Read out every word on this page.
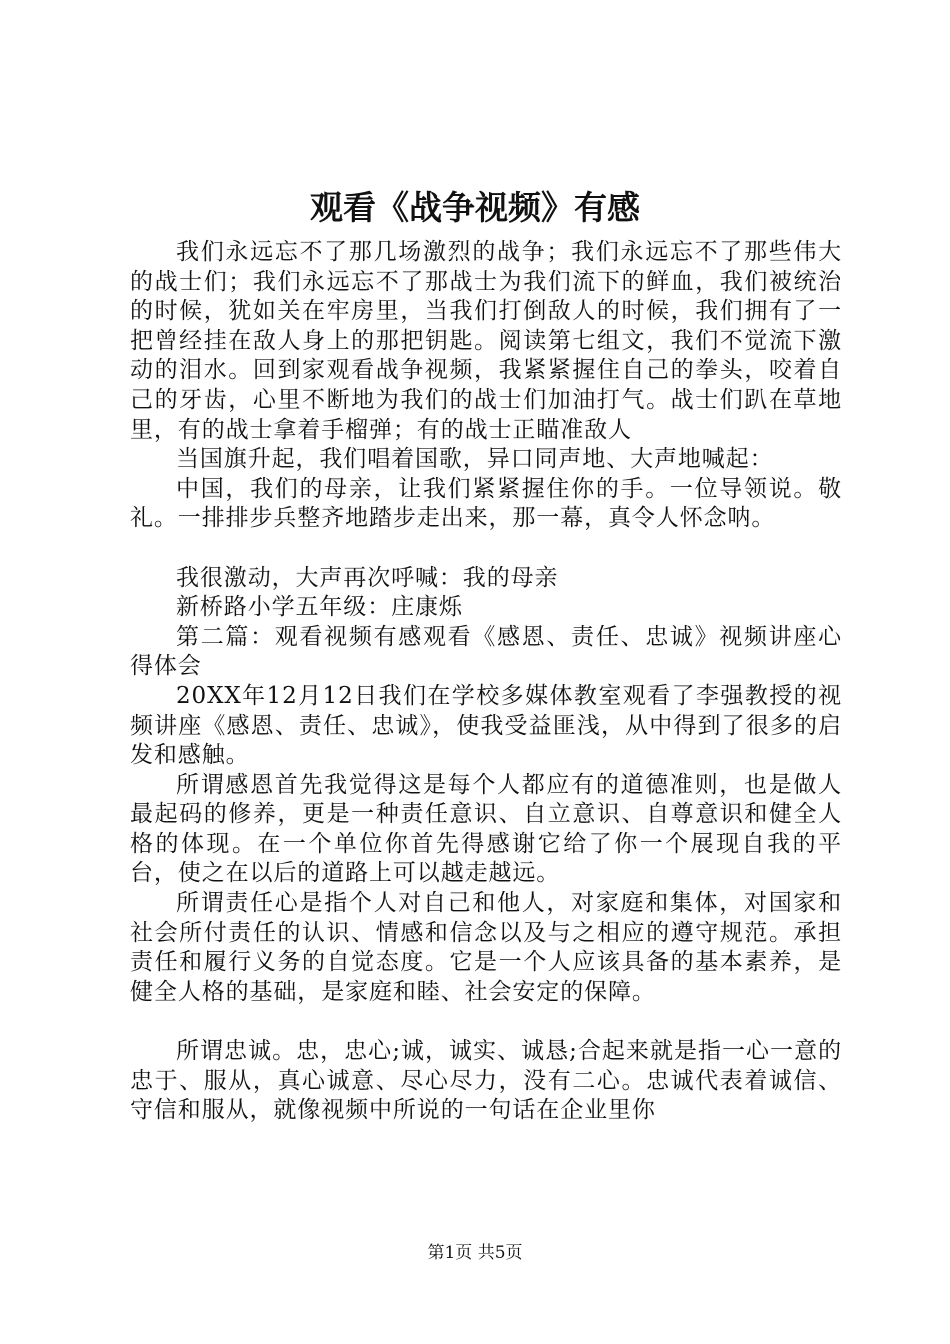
观看《战争视频》有感

我们永远忘不了那几场激烈的战争；我们永远忘不了那些伟大的战士们；我们永远忘不了那战士为我们流下的鲜血，我们被统治的时候，犹如关在牢房里，当我们打倒敌人的时候，我们拥有了一把曾经挂在敌人身上的那把钥匙。阅读第七组文，我们不觉流下激动的泪水。回到家观看战争视频，我紧紧握住自己的拳头，咬着自己的牙齿，心里不断地为我们的战士们加油打气。战士们趴在草地里，有的战士拿着手榴弹；有的战士正瞄准敌人

当国旗升起，我们唱着国歌，异口同声地、大声地喊起：

中国，我们的母亲，让我们紧紧握住你的手。一位导领说。敬礼。一排排步兵整齐地踏步走出来，那一幕，真令人怀念呐。

我很激动，大声再次呼喊：我的母亲

新桥路小学五年级：庄康烁

第二篇：观看视频有感观看《感恩、责任、忠诚》视频讲座心得体会

20XX年12月12日我们在学校多媒体教室观看了李强教授的视频讲座《感恩、责任、忠诚》，使我受益匪浅，从中得到了很多的启发和感触。

所谓感恩首先我觉得这是每个人都应有的道德准则，也是做人最起码的修养，更是一种责任意识、自立意识、自尊意识和健全人格的体现。在一个单位你首先得感谢它给了你一个展现自我的平台，使之在以后的道路上可以越走越远。

所谓责任心是指个人对自己和他人，对家庭和集体，对国家和社会所付责任的认识、情感和信念以及与之相应的遵守规范。承担责任和履行义务的自觉态度。它是一个人应该具备的基本素养，是健全人格的基础，是家庭和睦、社会安定的保障。

所谓忠诚。忠，忠心;诚，诚实、诚恳;合起来就是指一心一意的忠于、服从，真心诚意、尽心尽力，没有二心。忠诚代表着诚信、守信和服从，就像视频中所说的一句话在企业里你

第1页 共5页
